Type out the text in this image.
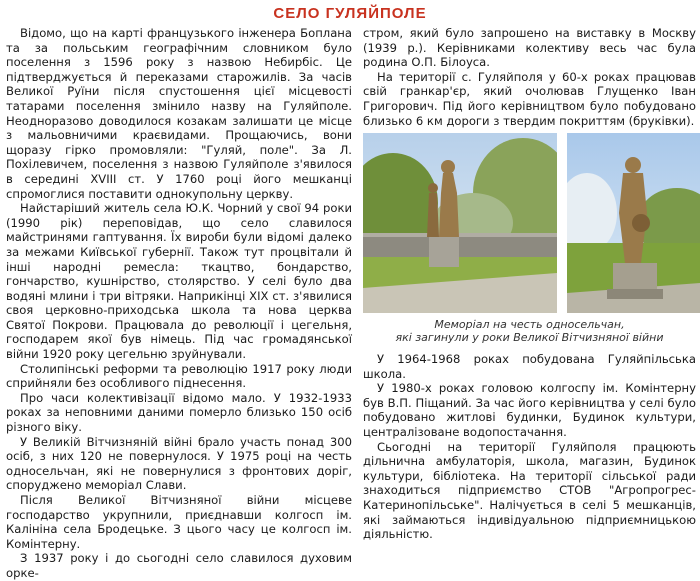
СЕЛО ГУЛЯЙПОЛЕ

Відомо, що на карті французького інженера Боплана та за польським географічним словником було поселення з 1596 року з назвою Небирбіс. Це підтверджується й переказами старожилів. За часів Великої Руїни після спустошення цієї місцевості татарами поселення змінило назву на Гуляйполе. Неодноразово доводилося козакам залишати це місце з мальовничими краєвидами. Прощаючись, вони щоразу гірко промовляли: "Гуляй, поле". За Л. Похілевичем, поселення з назвою Гуляйполе з'явилося в середині XVIII ст. У 1760 році його мешканці спромоглися поставити однокупольну церкву.

Найстаріший житель села Ю.К. Чорний у свої 94 роки (1990 рік) переповідав, що село славилося майстринями гаптування. Їх вироби були відомі далеко за межами Київської губернії. Також тут процвітали й інші народні ремесла: ткацтво, бондарство, гончарство, кушнірство, столярство. У селі було два водяні млини і три вітряки. Наприкінці XIX ст. з'явилися своя церковно-приходська школа та нова церква Святої Покрови. Працювала до революції і цегельня, господарем якої був німець. Під час громадянської війни 1920 року цегельню зруйнували.

Столипінські реформи та революцію 1917 року люди сприйняли без особливого піднесення.

Про часи колективізації відомо мало. У 1932-1933 роках за неповними даними померло близько 150 осіб різного віку.

У Великій Вітчизняній війні брало участь понад 300 осіб, з них 120 не повернулося. У 1975 році на честь односельчан, які не повернулися з фронтових доріг, споруджено меморіал Слави.

Після Великої Вітчизняної війни місцеве господарство укрупнили, приєднавши колгосп ім. Калініна села Бродецьке. З цього часу це колгосп ім. Комінтерну.

З 1937 року і до сьогодні село славилося духовим орке-

стром, який було запрошено на виставку в Москву (1939 р.). Керівниками колективу весь час була родина О.П. Білоуса.

На території с. Гуляйполя у 60-х роках працював свій гранкар'єр, який очолював Глущенко Іван Григорович. Під його керівництвом було побудовано близько 6 км дороги з твердим покриттям (бруківки).

Меморіал на честь односельчан,
які загинули у роки Великої Вітчизняної війни

У 1964-1968 роках побудована Гуляйпільська школа.

У 1980-х роках головою колгоспу ім. Комінтерну був В.П. Піщаний. За час його керівництва у селі було побудовано житлові будинки, Будинок культури, централізоване водопостачання.

Сьогодні на території Гуляйполя працюють дільнична амбулаторія, школа, магазин, Будинок культури, бібліотека. На території сільської ради знаходиться підприємство СТОВ "Агропрогрес-Катеринопільське". Налічується в селі 5 мешканців, які займаються індивідуальною підприємницькою діяльністю.
